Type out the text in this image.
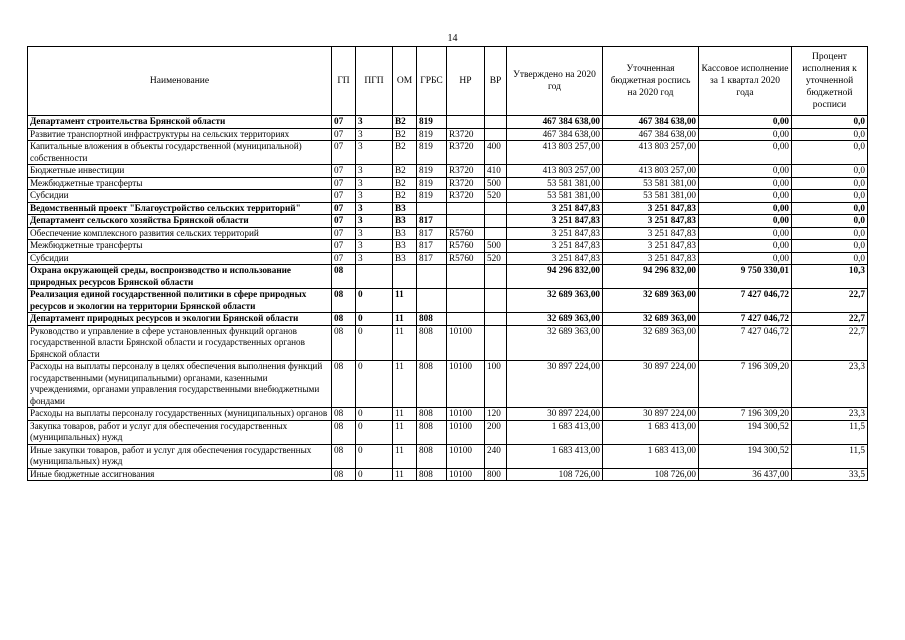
14
Наименование	ГП	ПГП	ОМ	ГРБС	НР	ВР	Утверждено на 2020 год	Уточненная бюджетная роспись на 2020 год	Кассовое исполнение за 1 квартал 2020 года	Процент исполнения к уточненной бюджетной росписи
Департамент строительства Брянской области	07	3	В2	819			467 384 638,00	467 384 638,00	0,00	0,0
Развитие транспортной инфраструктуры на сельских территориях	07	3	В2	819	R3720		467 384 638,00	467 384 638,00	0,00	0,0
Капитальные вложения в объекты государственной (муниципальной) собственности	07	3	В2	819	R3720	400	413 803 257,00	413 803 257,00	0,00	0,0
Бюджетные инвестиции	07	3	В2	819	R3720	410	413 803 257,00	413 803 257,00	0,00	0,0
Межбюджетные трансферты	07	3	В2	819	R3720	500	53 581 381,00	53 581 381,00	0,00	0,0
Субсидии	07	3	В2	819	R3720	520	53 581 381,00	53 581 381,00	0,00	0,0
Ведомственный проект "Благоустройство сельских территорий"	07	3	В3				3 251 847,83	3 251 847,83	0,00	0,0
Департамент сельского хозяйства Брянской области	07	3	В3	817			3 251 847,83	3 251 847,83	0,00	0,0
Обеспечение комплексного развития сельских территорий	07	3	В3	817	R5760		3 251 847,83	3 251 847,83	0,00	0,0
Межбюджетные трансферты	07	3	В3	817	R5760	500	3 251 847,83	3 251 847,83	0,00	0,0
Субсидии	07	3	В3	817	R5760	520	3 251 847,83	3 251 847,83	0,00	0,0
Охрана окружающей среды, воспроизводство и использование природных ресурсов Брянской области	08						94 296 832,00	94 296 832,00	9 750 330,01	10,3
Реализация единой государственной политики в сфере природных ресурсов и экологии на территории Брянской области	08	0	11				32 689 363,00	32 689 363,00	7 427 046,72	22,7
Департамент природных ресурсов и экологии Брянской области	08	0	11	808			32 689 363,00	32 689 363,00	7 427 046,72	22,7
Руководство и управление в сфере установленных функций органов государственной власти Брянской области и государственных органов Брянской области	08	0	11	808	10100		32 689 363,00	32 689 363,00	7 427 046,72	22,7
Расходы на выплаты персоналу в целях обеспечения выполнения функций государственными (муниципальными) органами, казенными учреждениями, органами управления государственными внебюджетными фондами	08	0	11	808	10100	100	30 897 224,00	30 897 224,00	7 196 309,20	23,3
Расходы на выплаты персоналу государственных (муниципальных) органов	08	0	11	808	10100	120	30 897 224,00	30 897 224,00	7 196 309,20	23,3
Закупка товаров, работ и услуг для обеспечения государственных (муниципальных) нужд	08	0	11	808	10100	200	1 683 413,00	1 683 413,00	194 300,52	11,5
Иные закупки товаров, работ и услуг для обеспечения государственных (муниципальных) нужд	08	0	11	808	10100	240	1 683 413,00	1 683 413,00	194 300,52	11,5
Иные бюджетные ассигнования	08	0	11	808	10100	800	108 726,00	108 726,00	36 437,00	33,5
